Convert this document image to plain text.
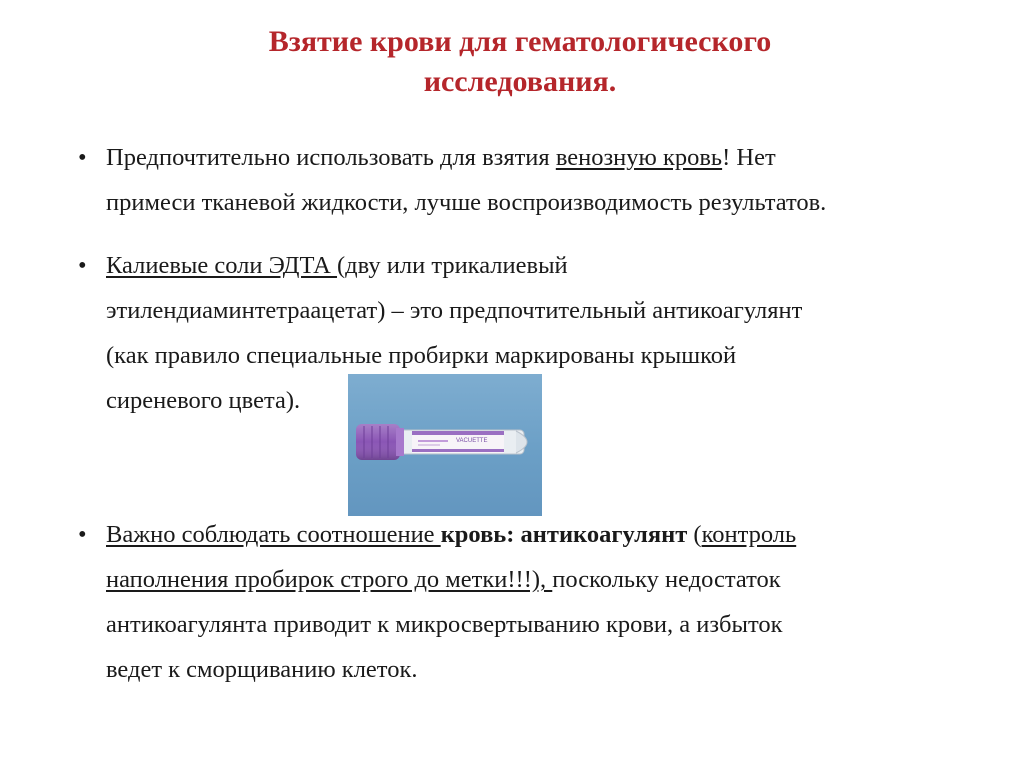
Взятие крови для гематологического
исследования.
• Предпочтительно использовать для взятия венозную кровь! Нет
примеси тканевой жидкости, лучше воспроизводимость результатов.
• Калиевые соли ЭДТА (дву или трикалиевый
этилендиаминтетраацетат) – это предпочтительный антикоагулянт
(как правило специальные пробирки маркированы крышкой
сиреневого цвета).
VACUETTE
• Важно соблюдать соотношение кровь: антикоагулянт (контроль
наполнения пробирок строго до метки!!!), поскольку недостаток
антикоагулянта приводит к микросвертыванию крови, а избыток
ведет к сморщиванию клеток.
